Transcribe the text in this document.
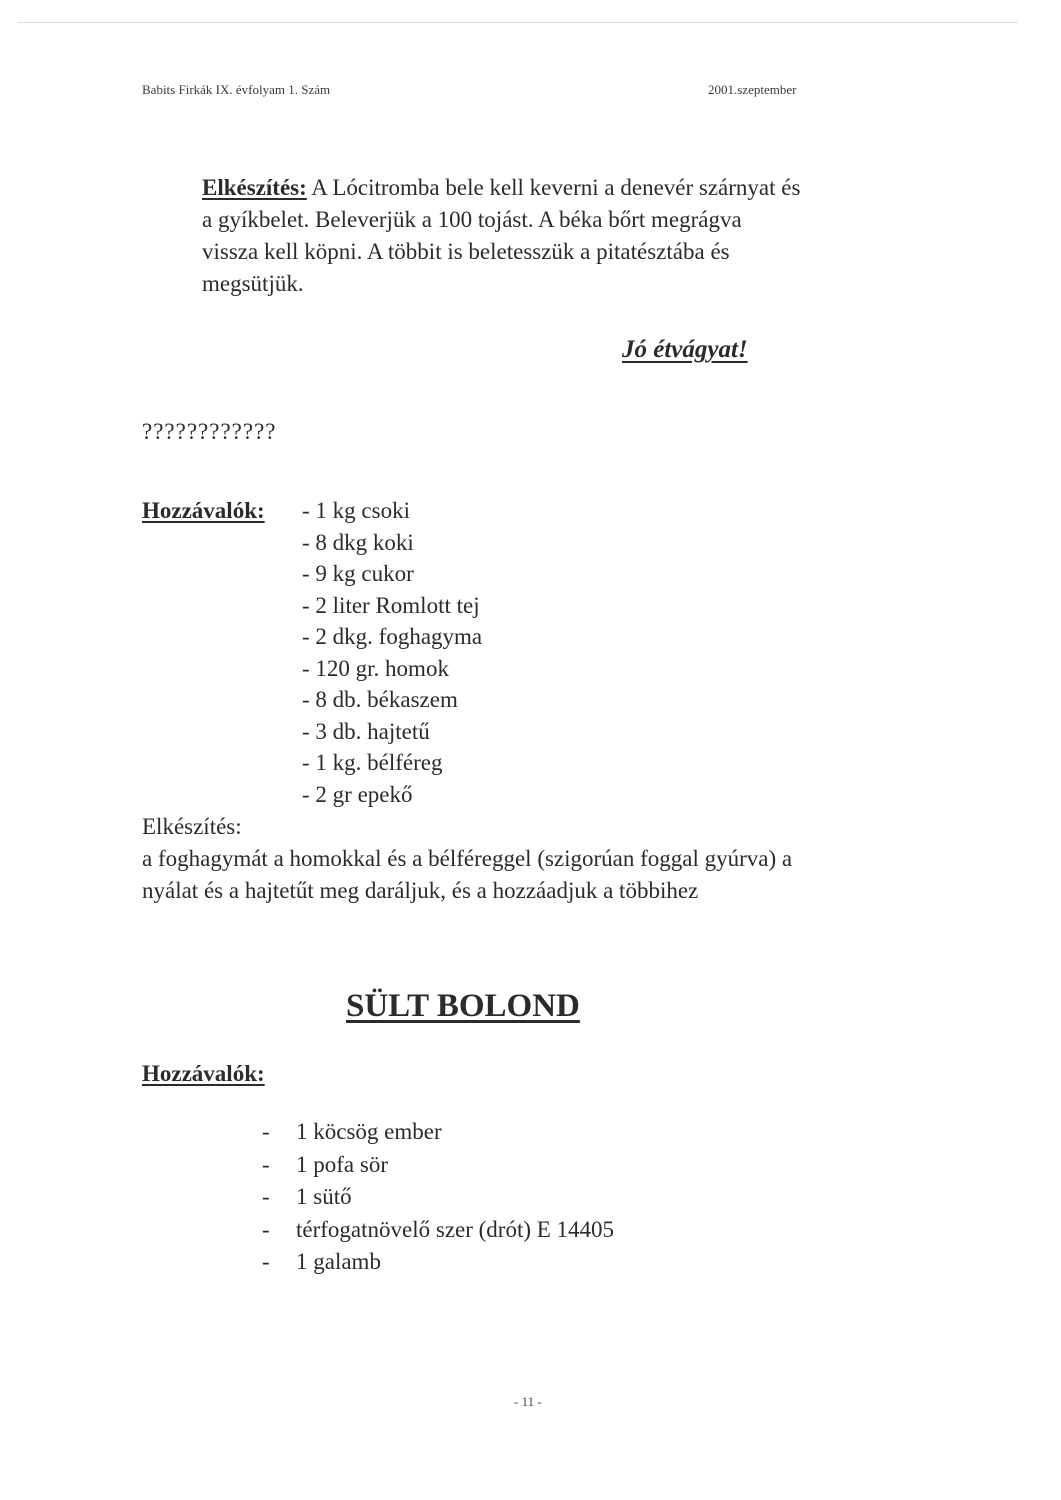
Babits Firkák IX. évfolyam 1. Szám	2001.szeptember
Elkészítés: A Lócitromba bele kell keverni a denevér szárnyat és
a gyíkbelet. Beleverjük a 100 tojást. A béka bőrt megrágva
vissza kell köpni. A többit is beletesszük a pitatésztába és
megsütjük.
Jó étvágyat!
????????????
Hozzávalók: - 1 kg csoki
- 8 dkg koki
- 9 kg cukor
- 2 liter Romlott tej
- 2 dkg. foghagyma
- 120 gr. homok
- 8 db. békaszem
- 3 db. hajtetű
- 1 kg. bélféreg
- 2 gr epekő
Elkészítés:
a foghagymát a homokkal és a bélféreggel (szigorúan foggal gyúrva) a
nyálat és a hajtetűt meg daráljuk, és a hozzáadjuk a többihez
SÜLT BOLOND
Hozzávalók:
- 1 köcsög ember
- 1 pofa sör
- 1 sütő
- térfogatnövelő szer (drót) E 14405
- 1 galamb
- 11 -
